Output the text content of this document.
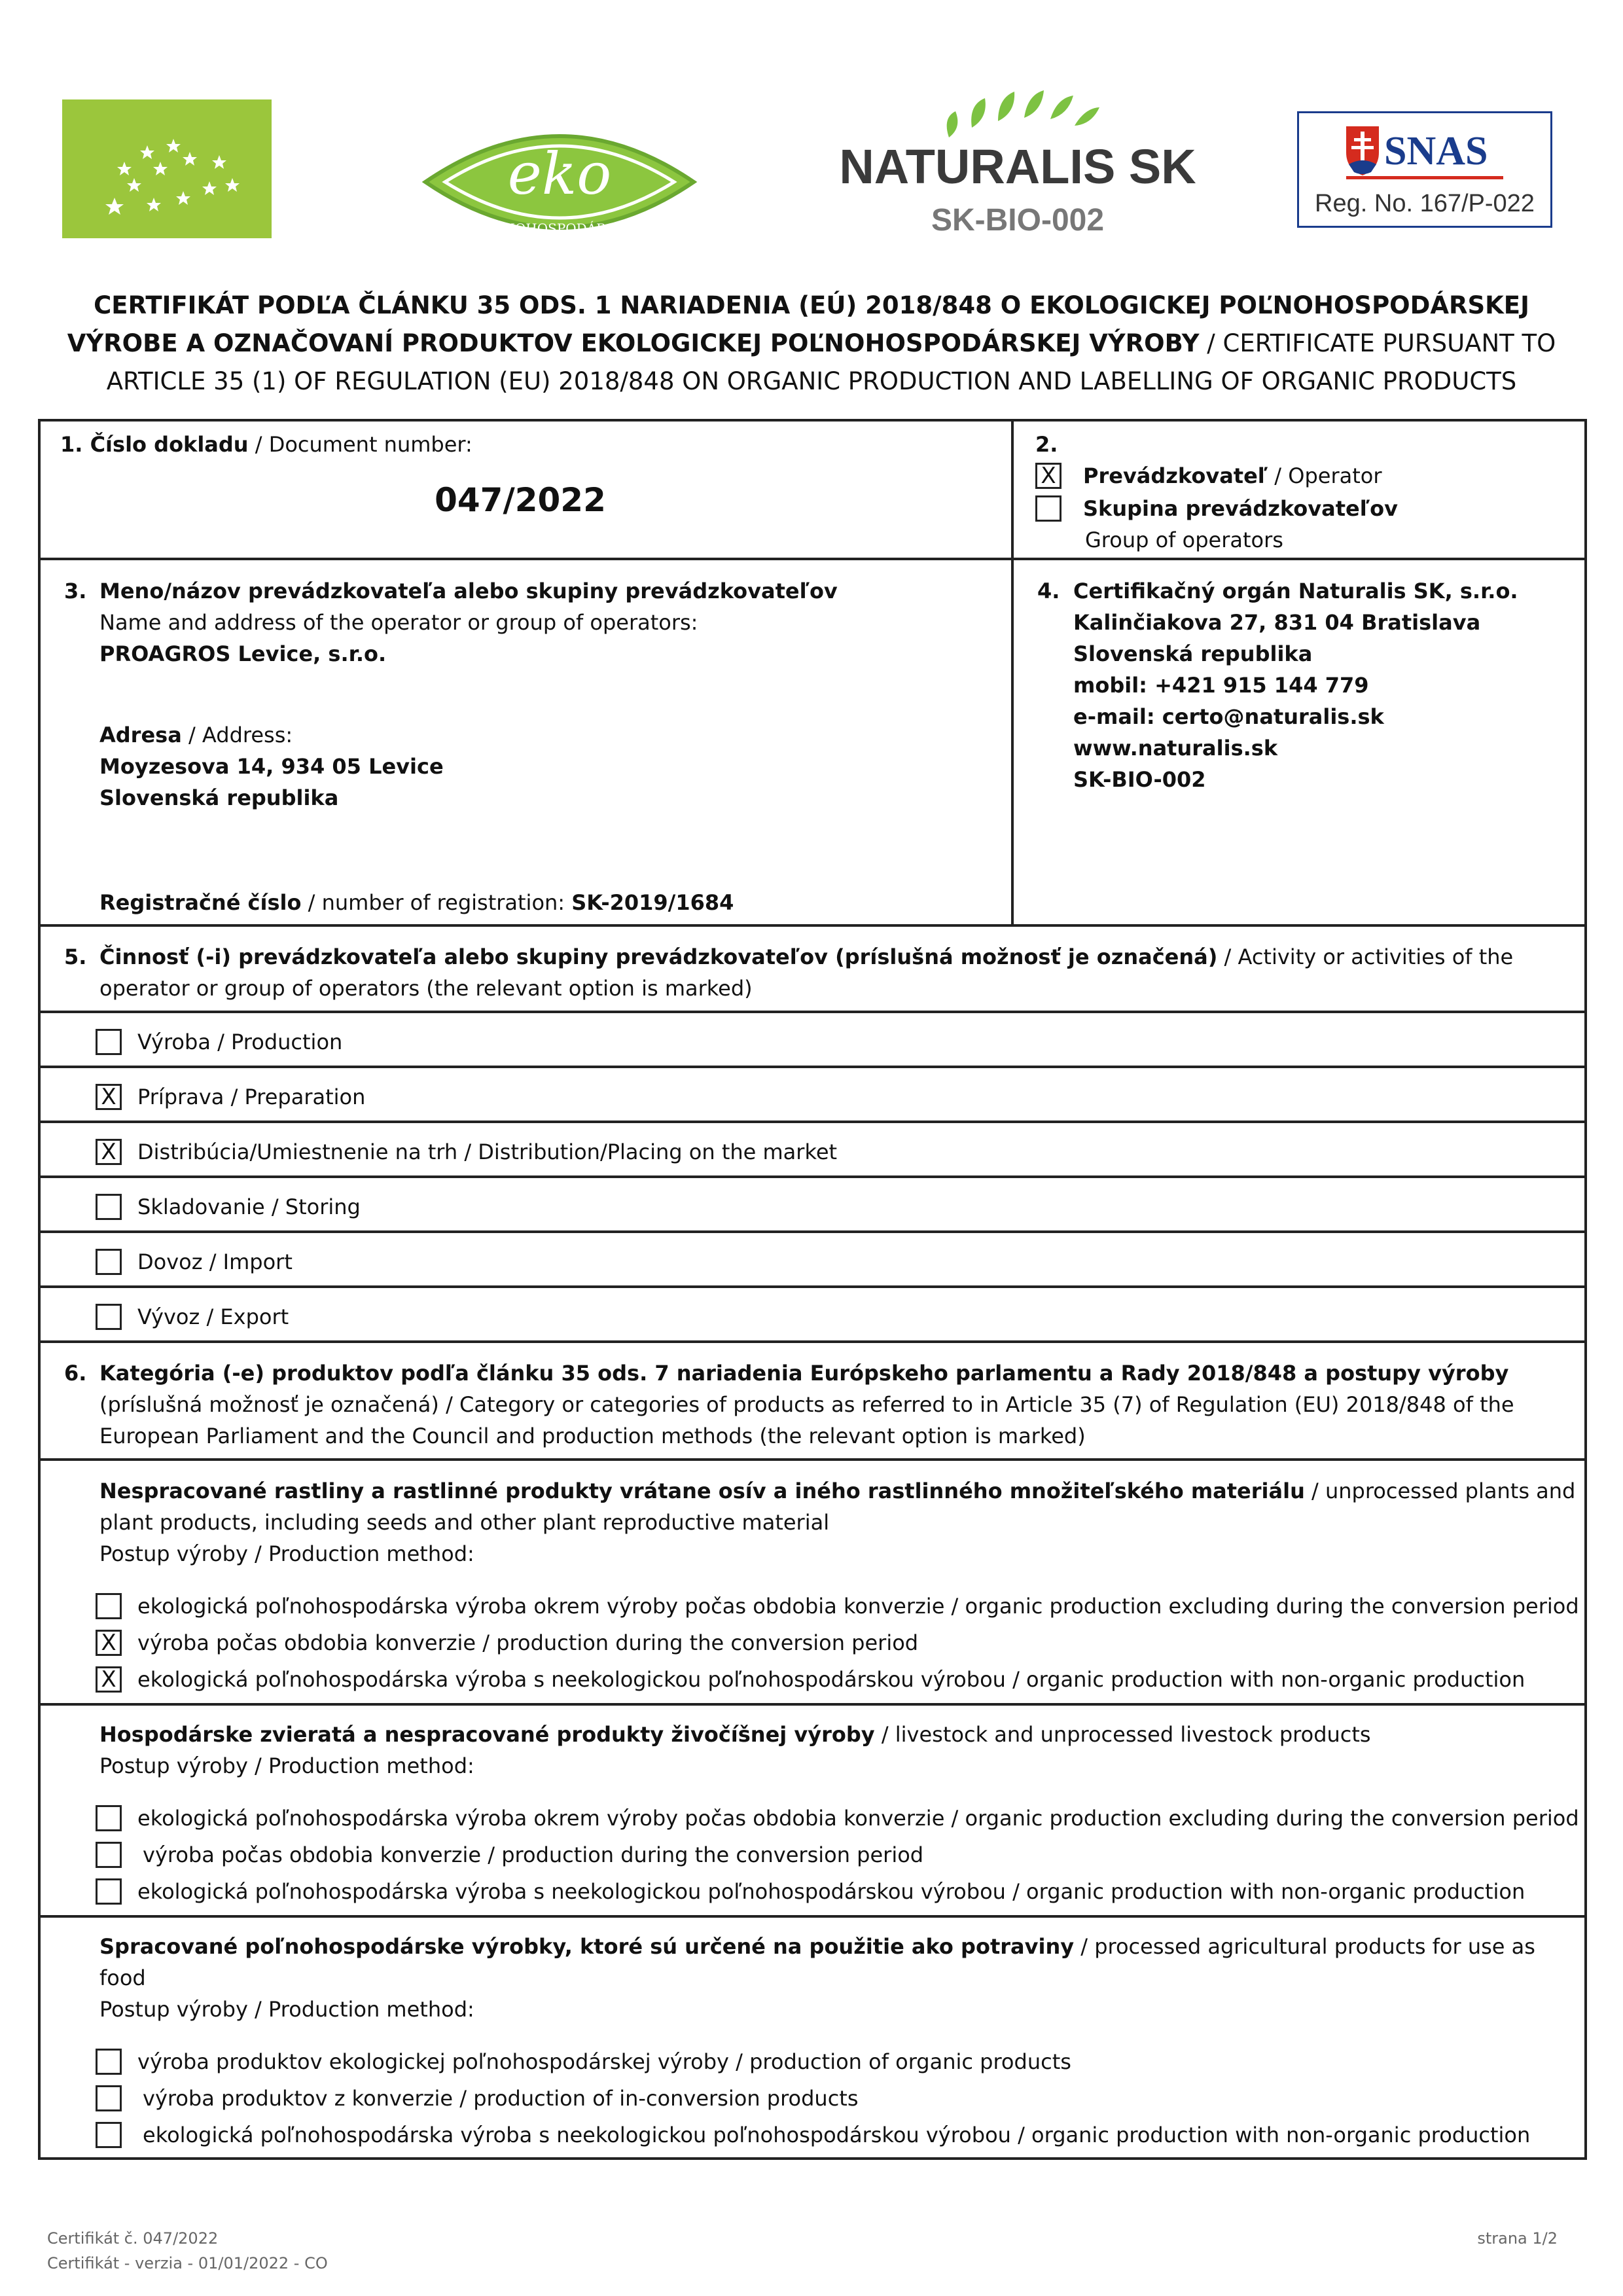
eko
POĽNOHOSPODÁRSTVO
NATURALIS SK
SK-BIO-002
SNAS
Reg. No. 167/P-022
CERTIFIKÁT PODĽA ČLÁNKU 35 ODS. 1 NARIADENIA (EÚ) 2018/848 O EKOLOGICKEJ POĽNOHOSPODÁRSKEJ
VÝROBE A OZNAČOVANÍ PRODUKTOV EKOLOGICKEJ POĽNOHOSPODÁRSKEJ VÝROBY / CERTIFICATE PURSUANT TO
ARTICLE 35 (1) OF REGULATION (EU) 2018/848 ON ORGANIC PRODUCTION AND LABELLING OF ORGANIC PRODUCTS
1. Číslo dokladu / Document number:
047/2022
2.
X Prevádzkovateľ / Operator
Skupina prevádzkovateľov
Group of operators
3. Meno/názov prevádzkovateľa alebo skupiny prevádzkovateľov
Name and address of the operator or group of operators:
PROAGROS Levice, s.r.o.
Adresa / Address:
Moyzesova 14, 934 05 Levice
Slovenská republika
Registračné číslo / number of registration: SK-2019/1684
4. Certifikačný orgán Naturalis SK, s.r.o.
Kalinčiakova 27, 831 04 Bratislava
Slovenská republika
mobil: +421 915 144 779
e-mail: certo@naturalis.sk
www.naturalis.sk
SK-BIO-002
5. Činnosť (-i) prevádzkovateľa alebo skupiny prevádzkovateľov (príslušná možnosť je označená) / Activity or activities of the
operator or group of operators (the relevant option is marked)
Výroba / Production
X Príprava / Preparation
X Distribúcia/Umiestnenie na trh / Distribution/Placing on the market
Skladovanie / Storing
Dovoz / Import
Vývoz / Export
6. Kategória (-e) produktov podľa článku 35 ods. 7 nariadenia Európskeho parlamentu a Rady 2018/848 a postupy výroby
(príslušná možnosť je označená) / Category or categories of products as referred to in Article 35 (7) of Regulation (EU) 2018/848 of the
European Parliament and the Council and production methods (the relevant option is marked)
Nespracované rastliny a rastlinné produkty vrátane osív a iného rastlinného množiteľského materiálu / unprocessed plants and
plant products, including seeds and other plant reproductive material
Postup výroby / Production method:
ekologická poľnohospodárska výroba okrem výroby počas obdobia konverzie / organic production excluding during the conversion period
X výroba počas obdobia konverzie / production during the conversion period
X ekologická poľnohospodárska výroba s neekologickou poľnohospodárskou výrobou / organic production with non-organic production
Hospodárske zvieratá a nespracované produkty živočíšnej výroby / livestock and unprocessed livestock products
Postup výroby / Production method:
ekologická poľnohospodárska výroba okrem výroby počas obdobia konverzie / organic production excluding during the conversion period
výroba počas obdobia konverzie / production during the conversion period
ekologická poľnohospodárska výroba s neekologickou poľnohospodárskou výrobou / organic production with non-organic production
Spracované poľnohospodárske výrobky, ktoré sú určené na použitie ako potraviny / processed agricultural products for use as
food
Postup výroby / Production method:
výroba produktov ekologickej poľnohospodárskej výroby / production of organic products
výroba produktov z konverzie / production of in-conversion products
ekologická poľnohospodárska výroba s neekologickou poľnohospodárskou výrobou / organic production with non-organic production
Certifikát č. 047/2022
Certifikát - verzia - 01/01/2022 - CO
strana 1/2
